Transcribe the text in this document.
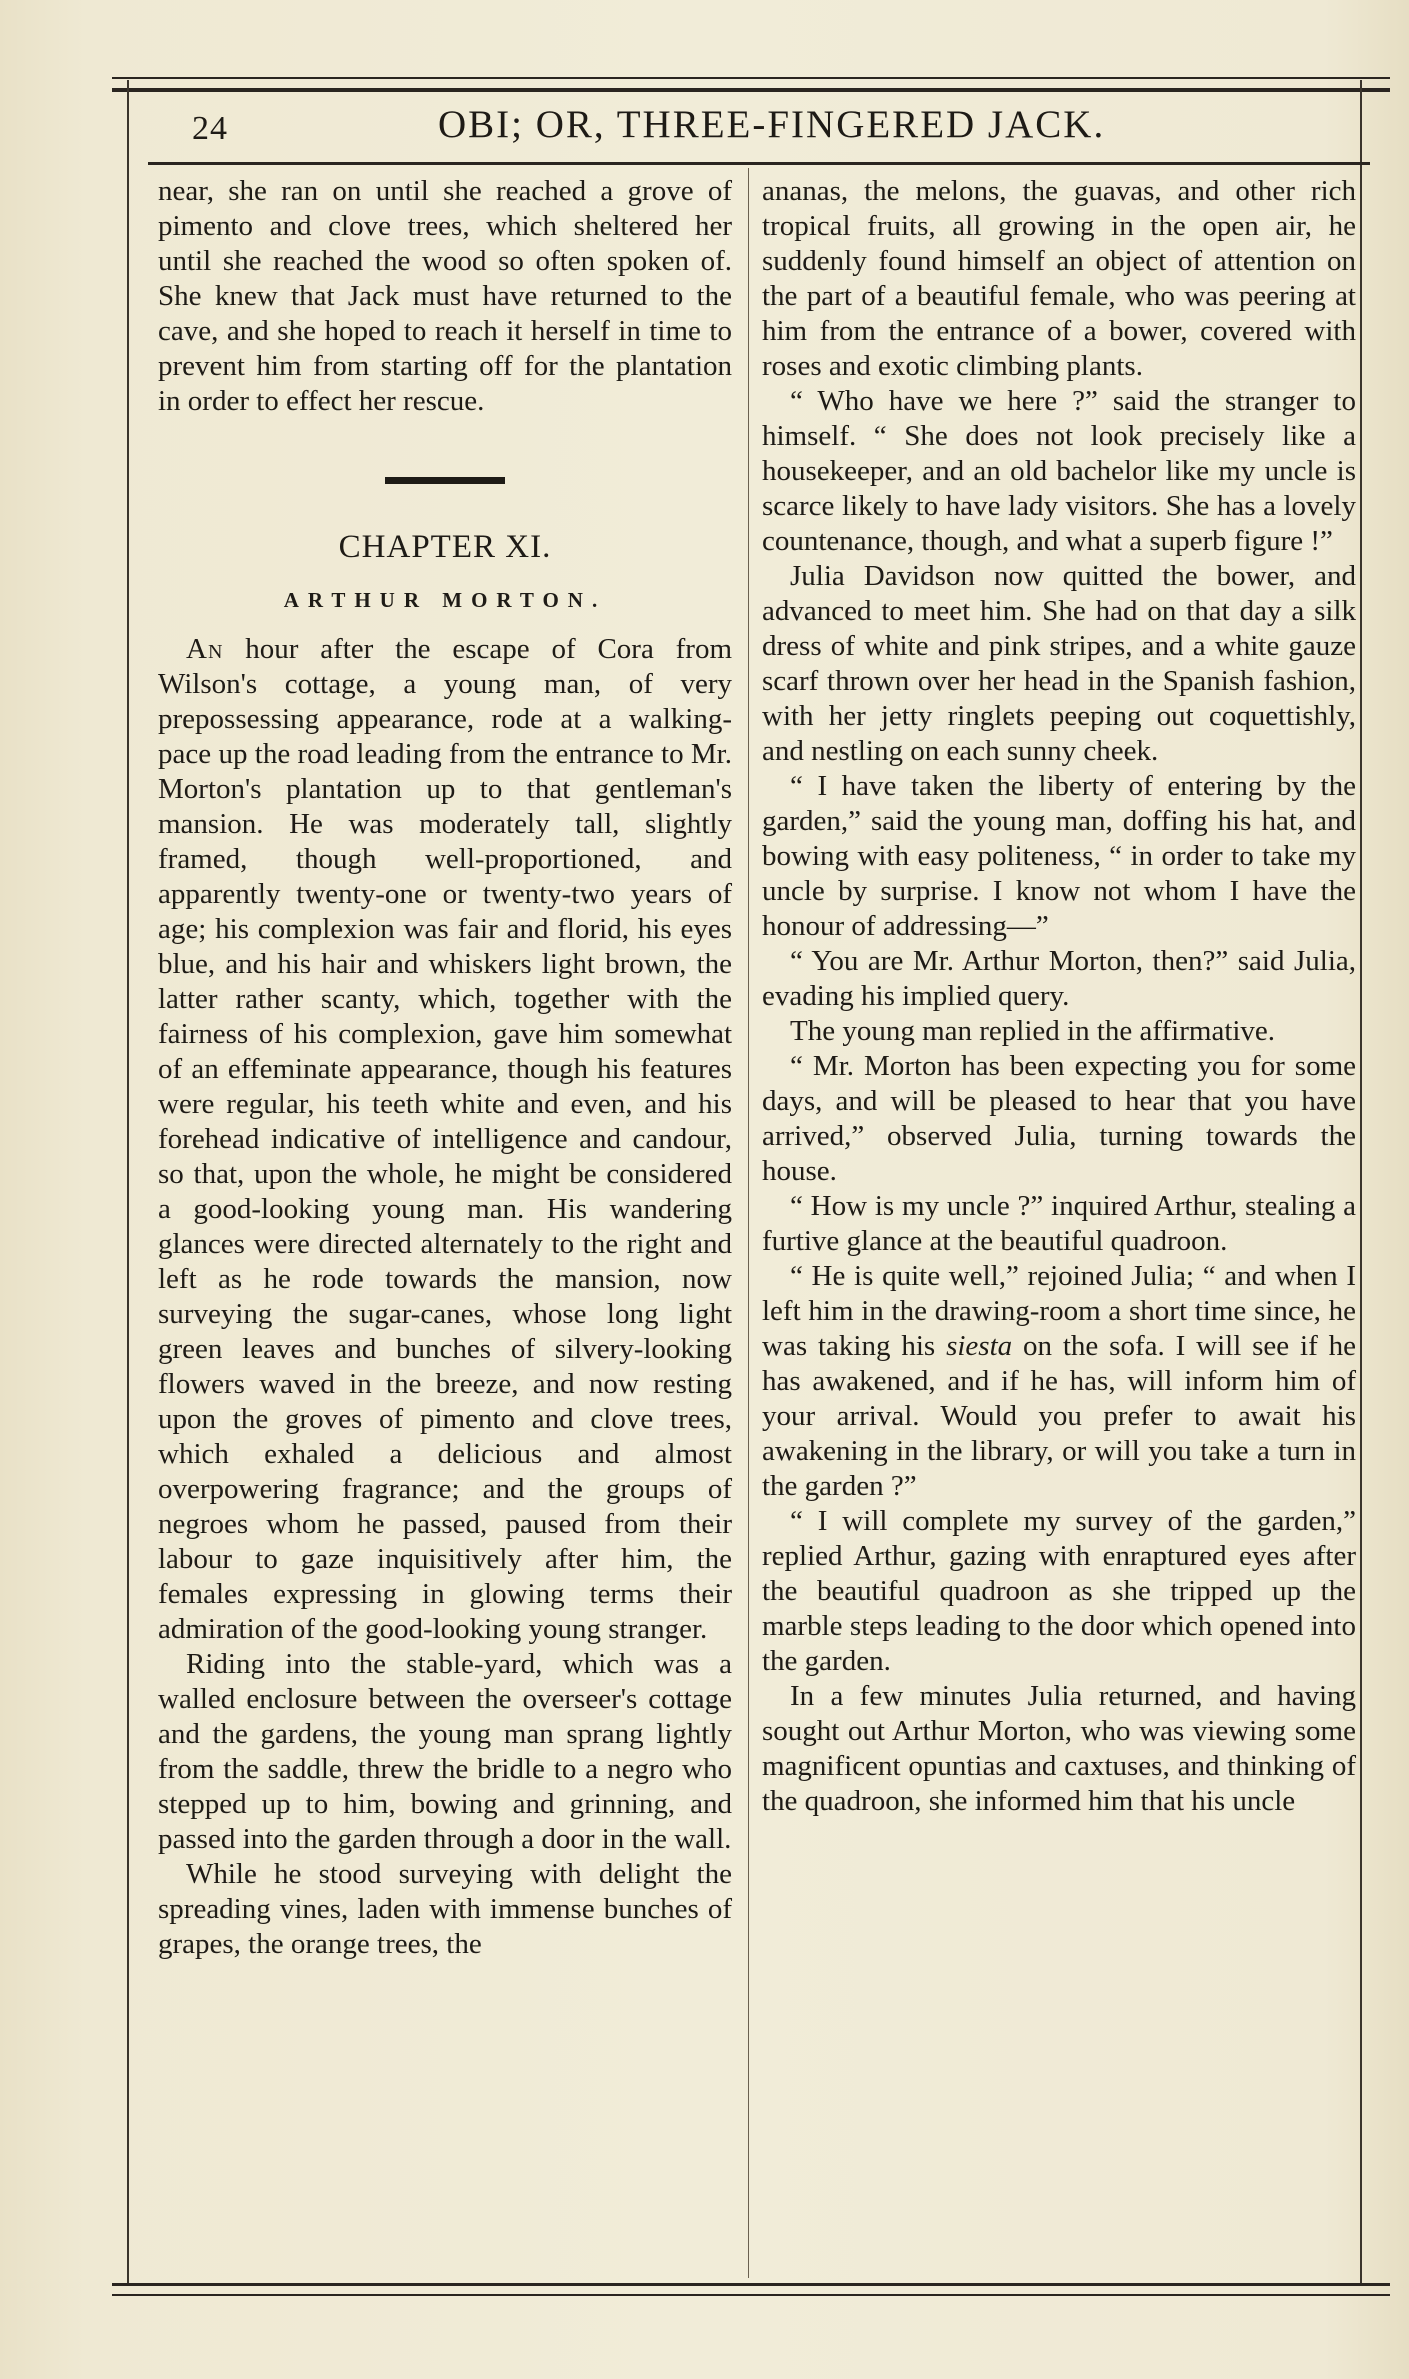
24	OBI; OR, THREE-FINGERED JACK.

near, she ran on until she reached a grove of pimento and clove trees, which sheltered her until she reached the wood so often spoken of. She knew that Jack must have returned to the cave, and she hoped to reach it herself in time to prevent him from starting off for the plantation in order to effect her rescue.

CHAPTER XI.
ARTHUR MORTON.

An hour after the escape of Cora from Wilson's cottage, a young man, of very prepossessing appearance, rode at a walking-pace up the road leading from the entrance to Mr. Morton's plantation up to that gentleman's mansion. He was moderately tall, slightly framed, though well-proportioned, and apparently twenty-one or twenty-two years of age; his complexion was fair and florid, his eyes blue, and his hair and whiskers light brown, the latter rather scanty, which, together with the fairness of his complexion, gave him somewhat of an effeminate appearance, though his features were regular, his teeth white and even, and his forehead indicative of intelligence and candour, so that, upon the whole, he might be considered a good-looking young man. His wandering glances were directed alternately to the right and left as he rode towards the mansion, now surveying the sugar-canes, whose long light green leaves and bunches of silvery-looking flowers waved in the breeze, and now resting upon the groves of pimento and clove trees, which exhaled a delicious and almost overpowering fragrance; and the groups of negroes whom he passed, paused from their labour to gaze inquisitively after him, the females expressing in glowing terms their admiration of the good-looking young stranger.

Riding into the stable-yard, which was a walled enclosure between the overseer's cottage and the gardens, the young man sprang lightly from the saddle, threw the bridle to a negro who stepped up to him, bowing and grinning, and passed into the garden through a door in the wall.

While he stood surveying with delight the spreading vines, laden with immense bunches of grapes, the orange trees, the

ananas, the melons, the guavas, and other rich tropical fruits, all growing in the open air, he suddenly found himself an object of attention on the part of a beautiful female, who was peering at him from the entrance of a bower, covered with roses and exotic climbing plants.

“ Who have we here ?” said the stranger to himself. “ She does not look precisely like a housekeeper, and an old bachelor like my uncle is scarce likely to have lady visitors. She has a lovely countenance, though, and what a superb figure !”

Julia Davidson now quitted the bower, and advanced to meet him. She had on that day a silk dress of white and pink stripes, and a white gauze scarf thrown over her head in the Spanish fashion, with her jetty ringlets peeping out coquettishly, and nestling on each sunny cheek.

“ I have taken the liberty of entering by the garden,” said the young man, doffing his hat, and bowing with easy politeness, “ in order to take my uncle by surprise. I know not whom I have the honour of addressing—”

“ You are Mr. Arthur Morton, then?” said Julia, evading his implied query.

The young man replied in the affirmative.

“ Mr. Morton has been expecting you for some days, and will be pleased to hear that you have arrived,” observed Julia, turning towards the house.

“ How is my uncle ?” inquired Arthur, stealing a furtive glance at the beautiful quadroon.

“ He is quite well,” rejoined Julia; “ and when I left him in the drawing-room a short time since, he was taking his siesta on the sofa. I will see if he has awakened, and if he has, will inform him of your arrival. Would you prefer to await his awakening in the library, or will you take a turn in the garden ?”

“ I will complete my survey of the garden,” replied Arthur, gazing with enraptured eyes after the beautiful quadroon as she tripped up the marble steps leading to the door which opened into the garden.

In a few minutes Julia returned, and having sought out Arthur Morton, who was viewing some magnificent opuntias and caxtuses, and thinking of the quadroon, she informed him that his uncle
